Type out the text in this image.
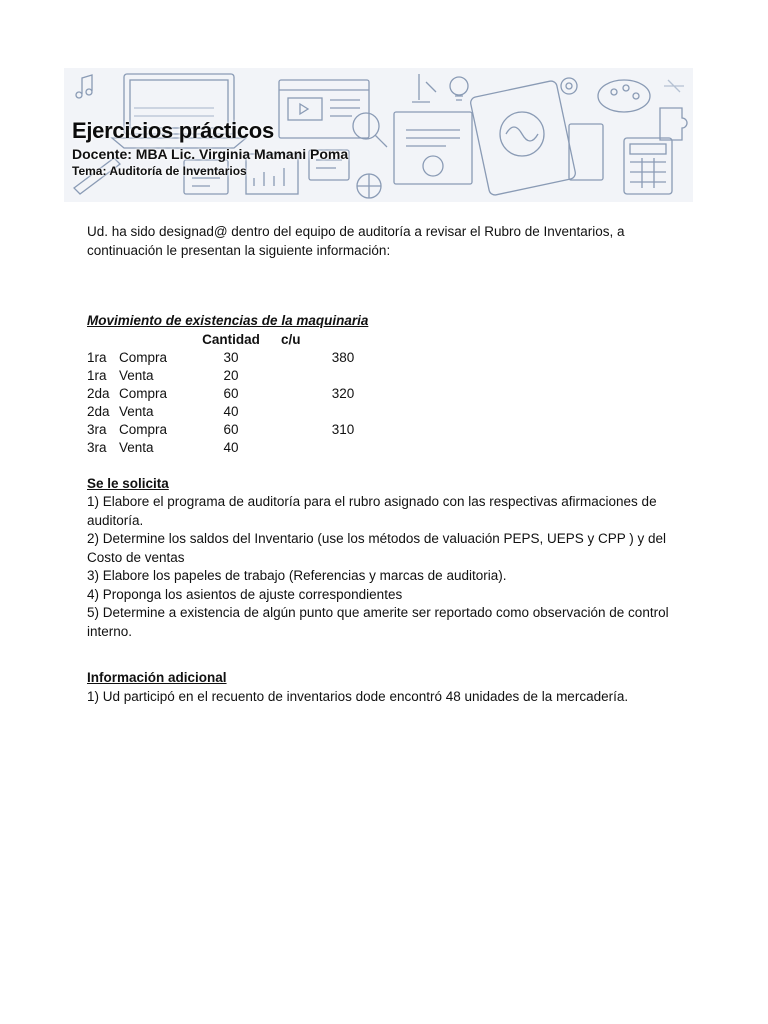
Ejercicios prácticos
Docente: MBA Lic. Virginia Mamani Poma
Tema: Auditoría de Inventarios

Ud. ha sido designad@ dentro del equipo de auditoría a revisar el Rubro de Inventarios, a continuación le presentan la siguiente información:

Movimiento de existencias de la maquinaria

		Cantidad	c/u
1ra	Compra	30	380
1ra	Venta	20	
2da	Compra	60	320
2da	Venta	40	
3ra	Compra	60	310
3ra	Venta	40	

Se le solicita

1) Elabore el programa de auditoría para el rubro asignado con las respectivas afirmaciones de auditoría.

2) Determine los saldos del Inventario (use los métodos de valuación PEPS, UEPS y CPP ) y del Costo de ventas

3) Elabore los papeles de trabajo (Referencias y marcas de auditoria).

4) Proponga los asientos de ajuste correspondientes

5) Determine a existencia de algún punto que amerite ser reportado como observación de control interno.

Información adicional

1) Ud participó en el recuento de inventarios dode encontró 48 unidades de la mercadería.
